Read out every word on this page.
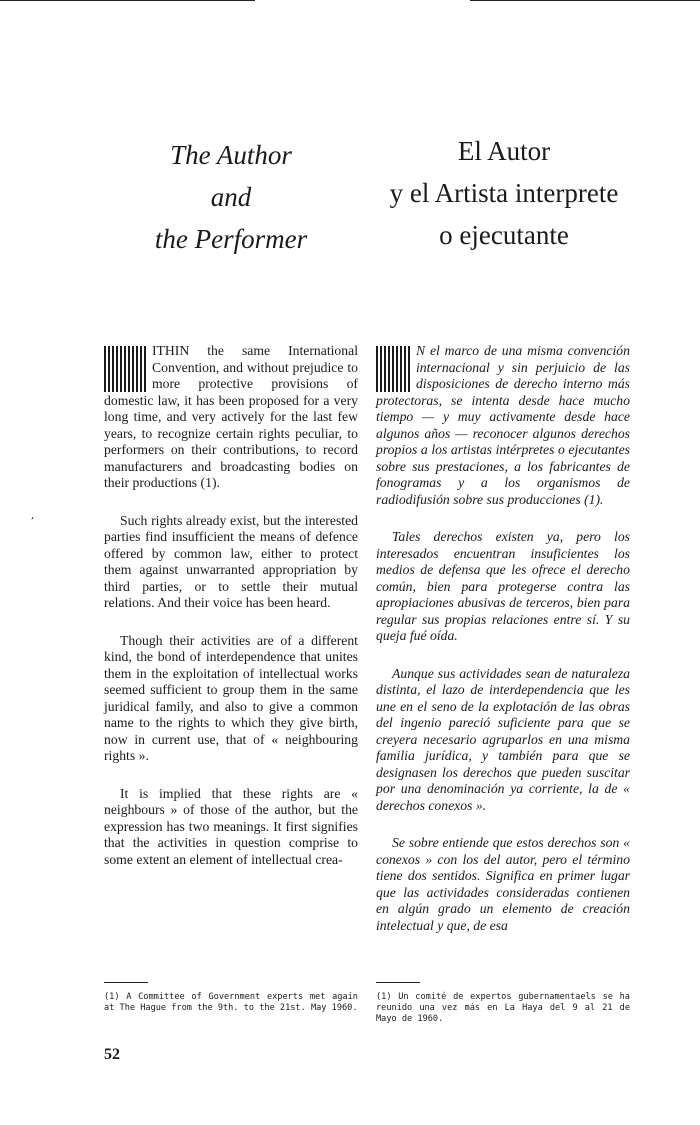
The Author
and
the Performer
El Autor
y el Artista interprete
o ejecutante
,

ITHIN the same International Convention, and without prejudice to more protective provisions of domestic law, it has been proposed for a very long time, and very actively for the last few years, to recognize certain rights peculiar, to performers on their contributions, to record manufacturers and broadcasting bodies on their productions (1).

Such rights already exist, but the interested parties find insufficient the means of defence offered by common law, either to protect them against unwarranted appropriation by third parties, or to settle their mutual relations. And their voice has been heard.

Though their activities are of a different kind, the bond of interdependence that unites them in the exploitation of intellectual works seemed sufficient to group them in the same juridical family, and also to give a common name to the rights to which they give birth, now in current use, that of « neighbouring rights ».

It is implied that these rights are « neighbours » of those of the author, but the expression has two meanings. It first signifies that the activities in question comprise to some extent an element of intellectual crea-

N el marco de una misma convención internacional y sin perjuicio de las disposiciones de derecho interno más protectoras, se intenta desde hace mucho tiempo — y muy activamente desde hace algunos años — reconocer algunos derechos propios a los artistas intérpretes o ejecutantes sobre sus prestaciones, a los fabricantes de fonogramas y a los organismos de radiodifusión sobre sus producciones (1).

Tales derechos existen ya, pero los interesados encuentran insuficientes los medios de defensa que les ofrece el derecho común, bien para protegerse contra las apropiaciones abusivas de terceros, bien para regular sus propias relaciones entre sí. Y su queja fué oída.

Aunque sus actividades sean de naturaleza distinta, el lazo de interdependencia que les une en el seno de la explotación de las obras del ingenio pareció suficiente para que se creyera necesario agruparlos en una misma familia jurídica, y también para que se designasen los derechos que pueden suscitar por una denominación ya corriente, la de « derechos conexos ».

Se sobre entiende que estos derechos son « conexos » con los del autor, pero el término tiene dos sentidos. Significa en primer lugar que las actividades consideradas contienen en algún grado un elemento de creación intelectual y que, de esa

(1) A Committee of Government experts met again at The Hague from the 9th. to the 21st. May 1960.
(1) Un comité de expertos gubernamentaels se ha reunido una vez más en La Haya del 9 al 21 de Mayo de 1960.
52
